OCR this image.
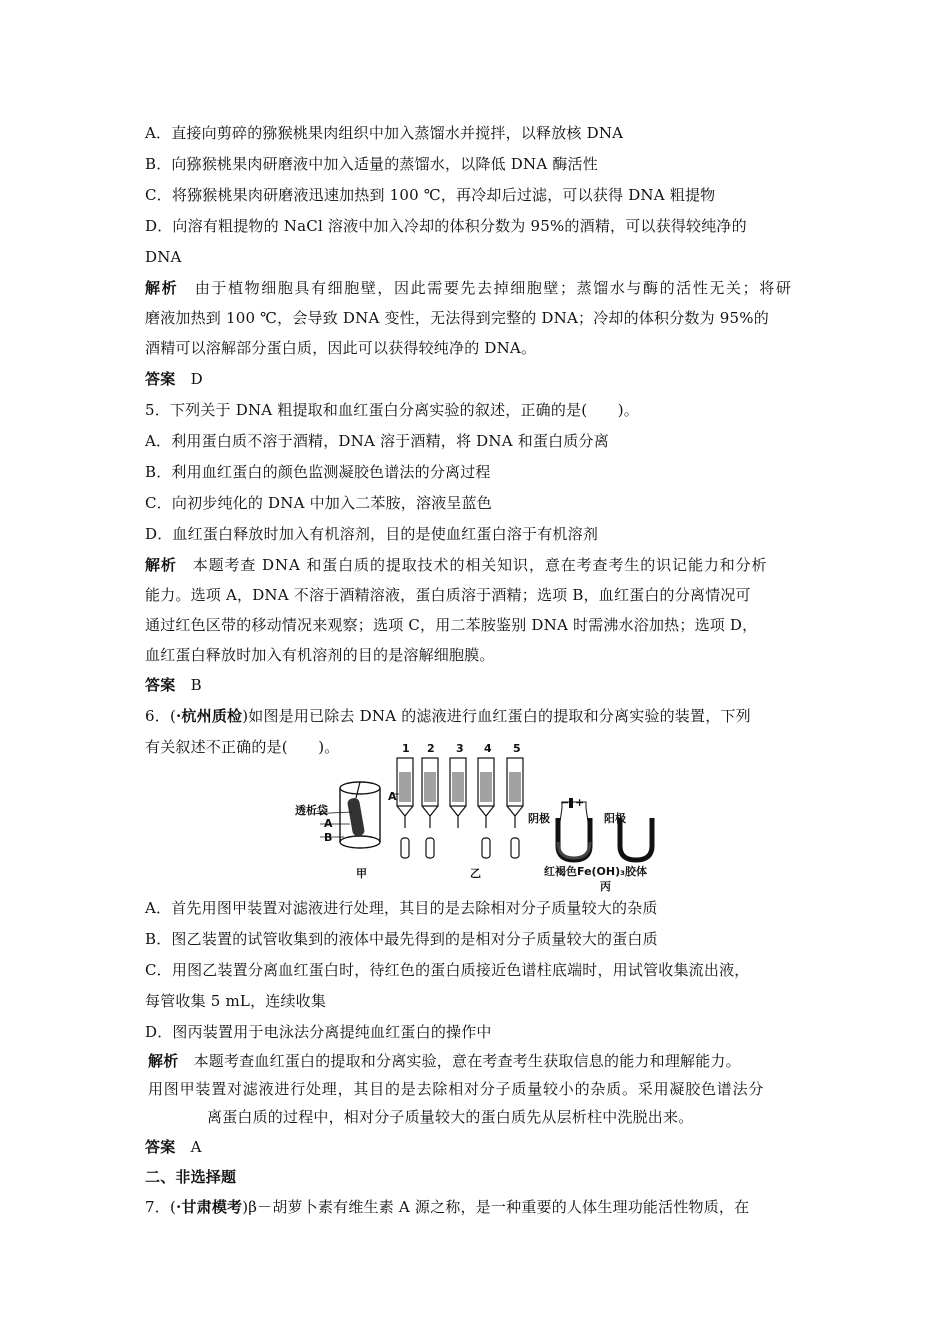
A．直接向剪碎的猕猴桃果肉组织中加入蒸馏水并搅拌，以释放核 DNA
B．向猕猴桃果肉研磨液中加入适量的蒸馏水，以降低 DNA 酶活性
C．将猕猴桃果肉研磨液迅速加热到 100 ℃，再冷却后过滤，可以获得 DNA 粗提物
D．向溶有粗提物的 NaCl 溶液中加入冷却的体积分数为 95%的酒精，可以获得较纯净的
DNA
解析　 由于植物细胞具有细胞壁，因此需要先去掉细胞壁；蒸馏水与酶的活性无关；将研
磨液加热到 100 ℃，会导致 DNA 变性，无法得到完整的 DNA；冷却的体积分数为 95%的
酒精可以溶解部分蛋白质，因此可以获得较纯净的 DNA。
答案　 D
5．下列关于 DNA 粗提取和血红蛋白分离实验的叙述，正确的是(　　)。
A．利用蛋白质不溶于酒精，DNA 溶于酒精，将 DNA 和蛋白质分离
B．利用血红蛋白的颜色监测凝胶色谱法的分离过程
C．向初步纯化的 DNA 中加入二苯胺，溶液呈蓝色
D．血红蛋白释放时加入有机溶剂，目的是使血红蛋白溶于有机溶剂
解析　 本题考查 DNA 和蛋白质的提取技术的相关知识，意在考查考生的识记能力和分析
能力。选项 A，DNA 不溶于酒精溶液，蛋白质溶于酒精；选项 B，血红蛋白的分离情况可
通过红色区带的移动情况来观察；选项 C，用二苯胺鉴别 DNA 时需沸水浴加热；选项 D，
血红蛋白释放时加入有机溶剂的目的是溶解细胞膜。
答案　 B
6．(·杭州质检)如图是用已除去 DNA 的滤液进行血红蛋白的提取和分离实验的装置，下列
有关叙述不正确的是(　　)。
透析袋
A
B
甲
1 2 3 4 5
A
乙
阴极	阳极
− +
红褐色Fe(OH)₃胶体
丙
A．首先用图甲装置对滤液进行处理，其目的是去除相对分子质量较大的杂质
B．图乙装置的试管收集到的液体中最先得到的是相对分子质量较大的蛋白质
C．用图乙装置分离血红蛋白时，待红色的蛋白质接近色谱柱底端时，用试管收集流出液，
每管收集 5 mL，连续收集
D．图丙装置用于电泳法分离提纯血红蛋白的操作中
解析　 本题考查血红蛋白的提取和分离实验，意在考查考生获取信息的能力和理解能力。
用图甲装置对滤液进行处理，其目的是去除相对分子质量较小的杂质。采用凝胶色谱法分
离蛋白质的过程中，相对分子质量较大的蛋白质先从层析柱中洗脱出来。
答案　 A
二、非选择题
7．(·甘肃模考)β－胡萝卜素有维生素 A 源之称，是一种重要的人体生理功能活性物质，在
